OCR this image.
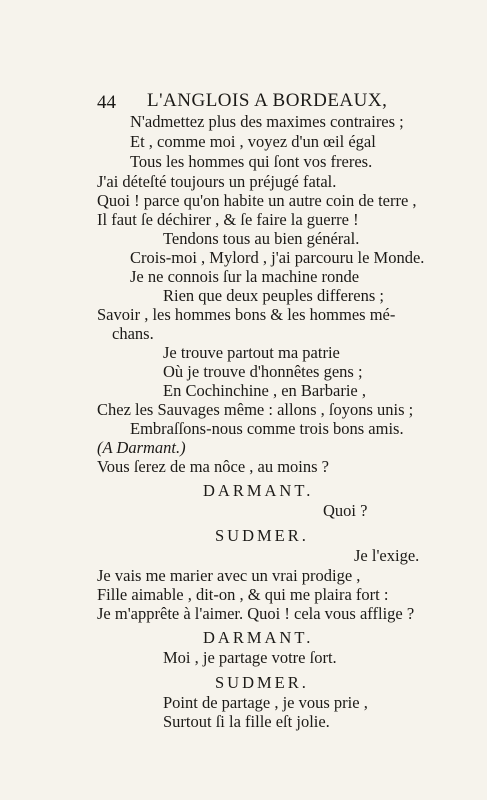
44 L'ANGLOIS A BORDEAUX,
N'admettez plus des maximes contraires ;
Et , comme moi , voyez d'un œil égal
Tous les hommes qui ſont vos freres.
J'ai déteſté toujours un préjugé fatal.
Quoi ! parce qu'on habite un autre coin de terre ,
Il faut ſe déchirer , & ſe faire la guerre !
Tendons tous au bien général.
Crois-moi , Mylord , j'ai parcouru le Monde.
Je ne connois ſur la machine ronde
Rien que deux peuples differens ;
Savoir , les hommes bons & les hommes mé-
chans.
Je trouve partout ma patrie
Où je trouve d'honnêtes gens ;
En Cochinchine , en Barbarie ,
Chez les Sauvages même : allons , ſoyons unis ;
Embraſſons-nous comme trois bons amis.
(A Darmant.)
Vous ſerez de ma nôce , au moins ?
DARMANT.
Quoi ?
SUDMER.
Je l'exige.
Je vais me marier avec un vrai prodige ,
Fille aimable , dit-on , & qui me plaira fort :
Je m'apprête à l'aimer. Quoi ! cela vous afflige ?
DARMANT.
Moi , je partage votre ſort.
SUDMER.
Point de partage , je vous prie ,
Surtout ſi la fille eſt jolie.
